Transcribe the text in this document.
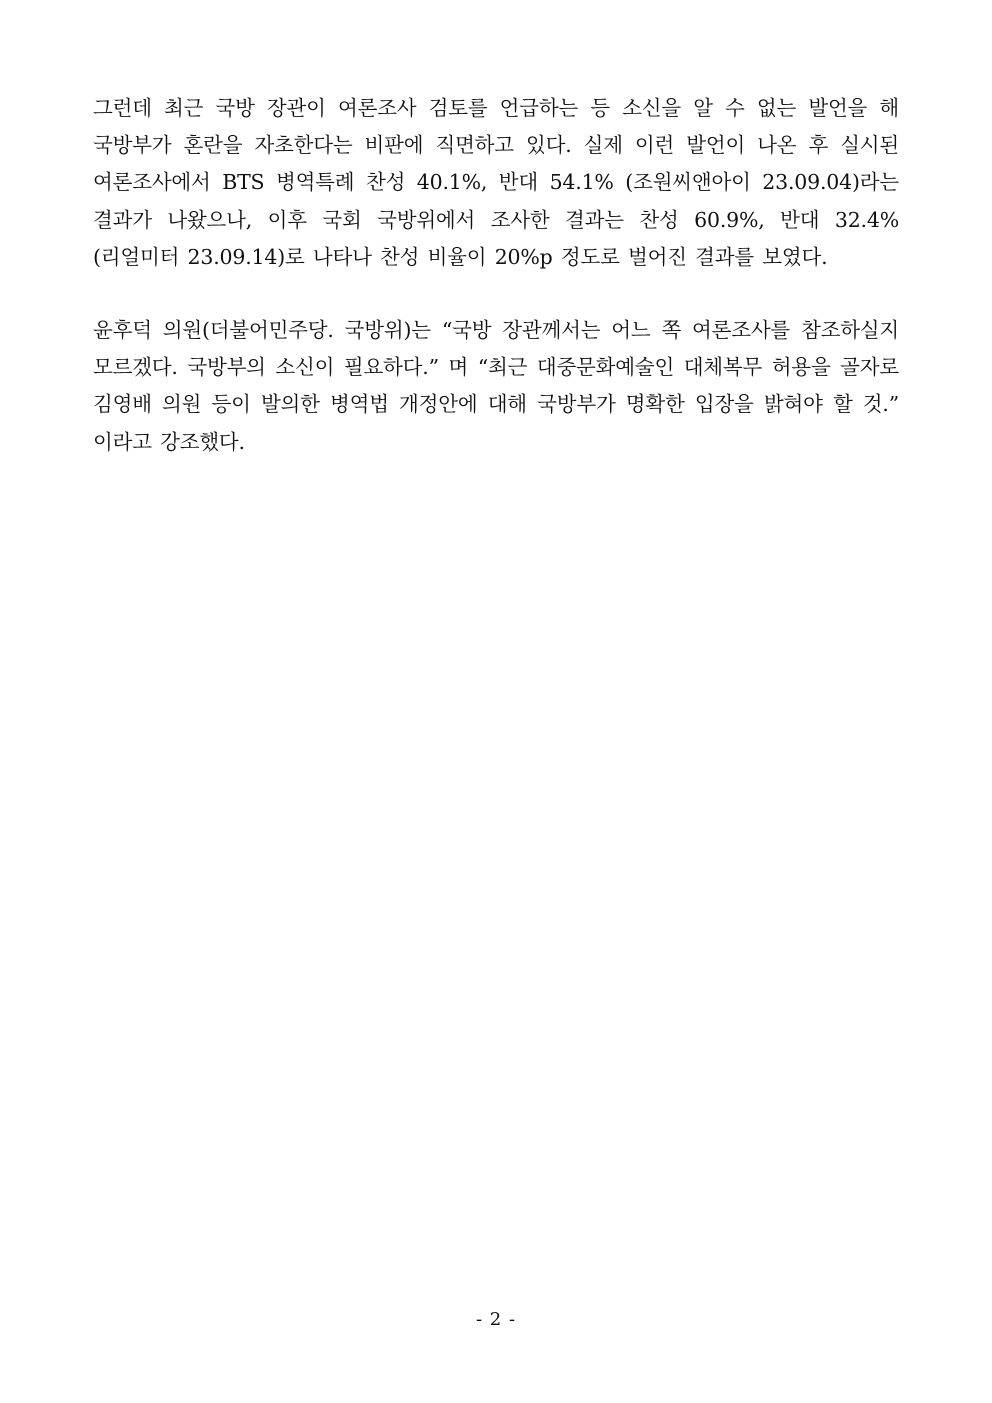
그런데 최근 국방 장관이 여론조사 검토를 언급하는 등 소신을 알 수 없는 발언을 해 국방부가 혼란을 자초한다는 비판에 직면하고 있다. 실제 이런 발언이 나온 후 실시된 여론조사에서 BTS 병역특례 찬성 40.1%, 반대 54.1% (조원씨앤아이 23.09.04)라는 결과가 나왔으나, 이후 국회 국방위에서 조사한 결과는 찬성 60.9%, 반대 32.4% (리얼미터 23.09.14)로 나타나 찬성 비율이 20%p 정도로 벌어진 결과를 보였다.

윤후덕 의원(더불어민주당. 국방위)는 “국방 장관께서는 어느 쪽 여론조사를 참조하실지 모르겠다. 국방부의 소신이 필요하다.” 며 “최근 대중문화예술인 대체복무 허용을 골자로 김영배 의원 등이 발의한 병역법 개정안에 대해 국방부가 명확한 입장을 밝혀야 할 것.” 이라고 강조했다.

- 2 -
